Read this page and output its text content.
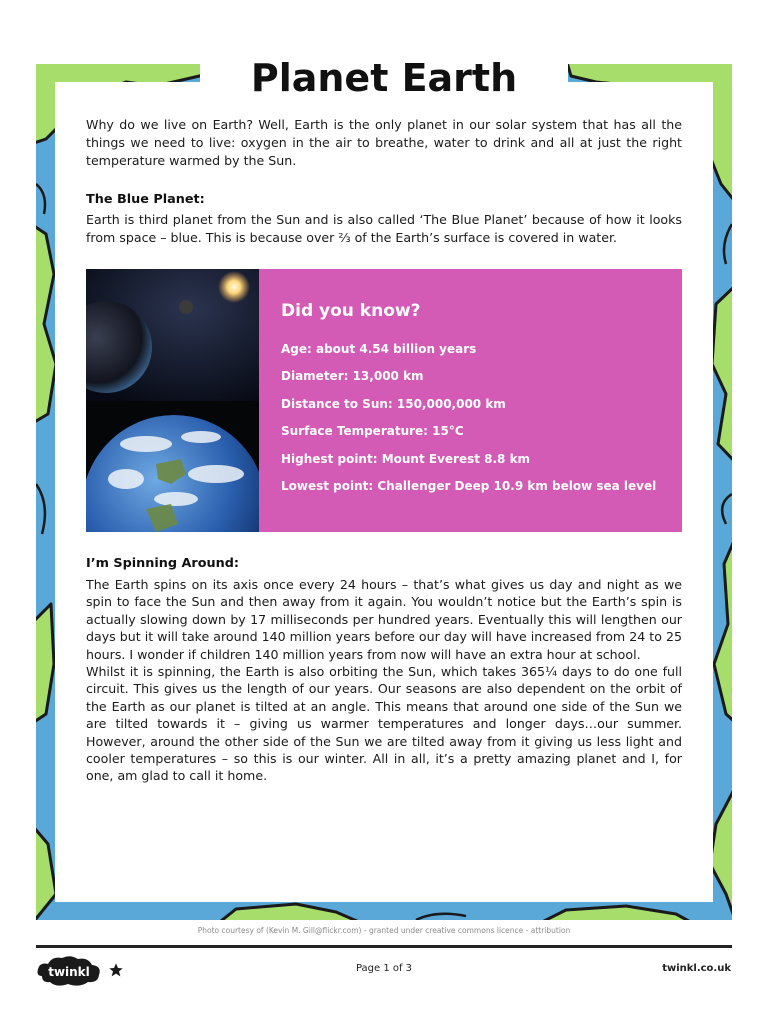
Why do we live on Earth? Well, Earth is the only planet in our solar system that has all the things we need to live: oxygen in the air to breathe, water to drink and all at just the right temperature warmed by the Sun.

The Blue Planet:

Earth is third planet from the Sun and is also called ‘The Blue Planet’ because of how it looks from space – blue. This is because over ⅔ of the Earth’s surface is covered in water.

Did you know?
Age: about 4.54 billion years
Diameter: 13,000 km
Distance to Sun: 150,000,000 km
Surface Temperature: 15°C
Highest point: Mount Everest 8.8 km
Lowest point: Challenger Deep 10.9 km below sea level
I’m Spinning Around:

The Earth spins on its axis once every 24 hours – that’s what gives us day and night as we spin to face the Sun and then away from it again. You wouldn’t notice but the Earth’s spin is actually slowing down by 17 milliseconds per hundred years. Eventually this will lengthen our days but it will take around 140 million years before our day will have increased from 24 to 25 hours. I wonder if children 140 million years from now will have an extra hour at school.

Whilst it is spinning, the Earth is also orbiting the Sun, which takes 365¼ days to do one full circuit. This gives us the length of our years. Our seasons are also dependent on the orbit of the Earth as our planet is tilted at an angle. This means that around one side of the Sun we are tilted towards it – giving us warmer temperatures and longer days…our summer. However, around the other side of the Sun we are tilted away from it giving us less light and cooler temperatures – so this is our winter. All in all, it’s a pretty amazing planet and I, for one, am glad to call it home.

Planet Earth
Photo courtesy of (Kevin M. Gill@flickr.com) - granted under creative commons licence - attribution
twinkl	Page 1 of 3	twinkl.co.uk
